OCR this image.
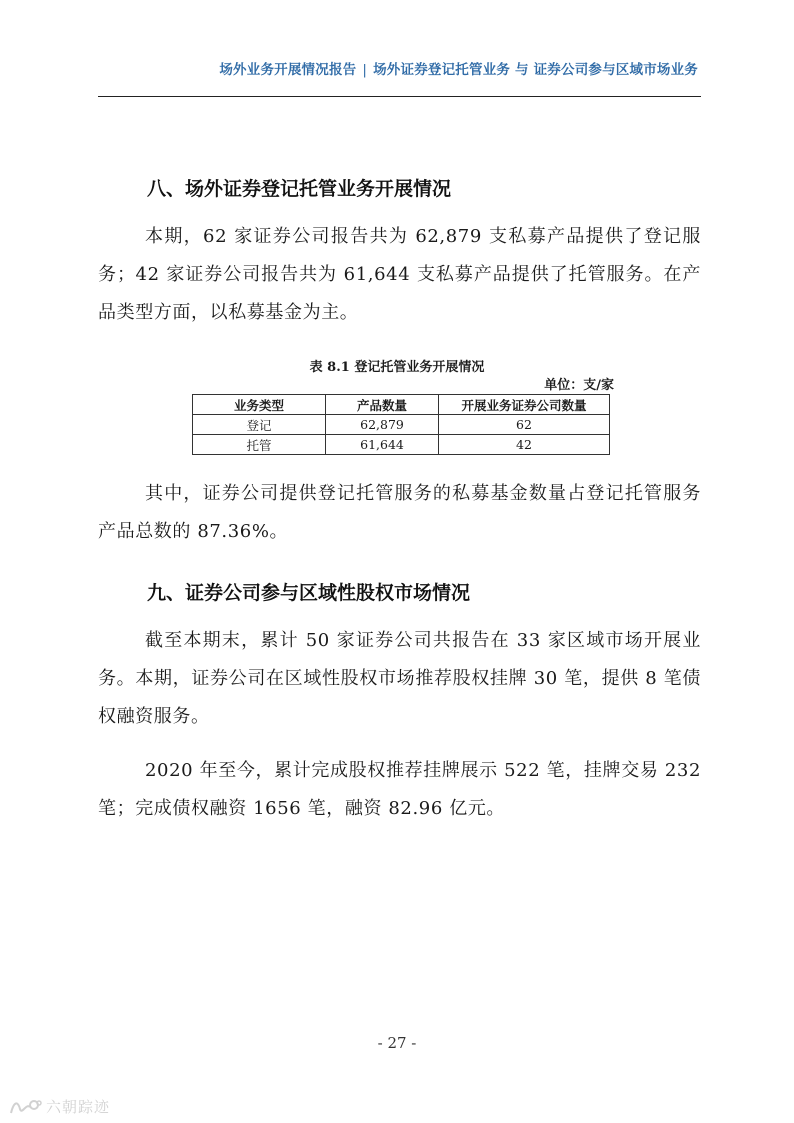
场外业务开展情况报告 | 场外证券登记托管业务 与 证券公司参与区域市场业务
八、场外证券登记托管业务开展情况

本期，62 家证券公司报告共为 62,879 支私募产品提供了登记服务；42 家证券公司报告共为 61,644 支私募产品提供了托管服务。在产品类型方面，以私募基金为主。

表 8.1 登记托管业务开展情况
单位：支/家
业务类型	产品数量	开展业务证券公司数量
登记	62,879	62
托管	61,644	42

其中，证券公司提供登记托管服务的私募基金数量占登记托管服务产品总数的 87.36%。

九、证券公司参与区域性股权市场情况

截至本期末，累计 50 家证券公司共报告在 33 家区域市场开展业务。本期，证券公司在区域性股权市场推荐股权挂牌 30 笔，提供 8 笔债权融资服务。

2020 年至今，累计完成股权推荐挂牌展示 522 笔，挂牌交易 232 笔；完成债权融资 1656 笔，融资 82.96 亿元。

- 27 -
六朝踪迹
